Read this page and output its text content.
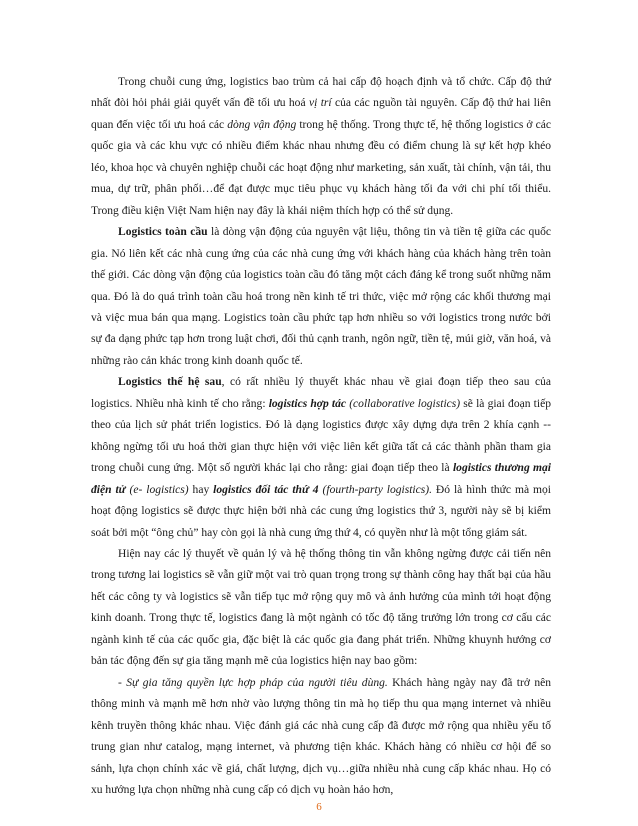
Trong chuỗi cung ứng, logistics bao trùm cả hai cấp độ hoạch định và tổ chức. Cấp độ thứ nhất đòi hỏi phải giải quyết vấn đề tối ưu hoá vị trí của các nguồn tài nguyên. Cấp độ thứ hai liên quan đến việc tối ưu hoá các dòng vận động trong hệ thống. Trong thực tế, hệ thống logistics ở các quốc gia và các khu vực có nhiều điểm khác nhau nhưng đều có điểm chung là sự kết hợp khéo léo, khoa học và chuyên nghiệp chuỗi các hoạt động như marketing, sản xuất, tài chính, vận tải, thu mua, dự trữ, phân phối…để đạt được mục tiêu phục vụ khách hàng tối đa với chi phí tối thiểu. Trong điều kiện Việt Nam hiện nay đây là khái niệm thích hợp có thể sử dụng.

Logistics toàn cầu là dòng vận động của nguyên vật liệu, thông tin và tiền tệ giữa các quốc gia. Nó liên kết các nhà cung ứng của các nhà cung ứng với khách hàng của khách hàng trên toàn thế giới. Các dòng vận động của logistics toàn cầu đó tăng một cách đáng kể trong suốt những năm qua. Đó là do quá trình toàn cầu hoá trong nền kinh tế tri thức, việc mở rộng các khối thương mại và việc mua bán qua mạng. Logistics toàn cầu phức tạp hơn nhiều so với logistics trong nước bởi sự đa dạng phức tạp hơn trong luật chơi, đối thủ cạnh tranh, ngôn ngữ, tiền tệ, múi giờ, văn hoá, và những rào cản khác trong kinh doanh quốc tế.

Logistics thế hệ sau, có rất nhiều lý thuyết khác nhau về giai đoạn tiếp theo sau của logistics. Nhiều nhà kinh tế cho rằng: logistics hợp tác (collaborative logistics) sẽ là giai đoạn tiếp theo của lịch sử phát triển logistics. Đó là dạng logistics được xây dựng dựa trên 2 khía cạnh -- không ngừng tối ưu hoá thời gian thực hiện với việc liên kết giữa tất cả các thành phần tham gia trong chuỗi cung ứng. Một số người khác lại cho rằng: giai đoạn tiếp theo là logistics thương mại điện tử (e- logistics) hay logistics đối tác thứ 4 (fourth-party logistics). Đó là hình thức mà mọi hoạt động logistics sẽ được thực hiện bởi nhà các cung ứng logistics thứ 3, người này sẽ bị kiểm soát bởi một “ông chủ” hay còn gọi là nhà cung ứng thứ 4, có quyền như là một tổng giám sát.

Hiện nay các lý thuyết về quản lý và hệ thống thông tin vẫn không ngừng được cải tiến nên trong tương lai logistics sẽ vẫn giữ một vai trò quan trọng trong sự thành công hay thất bại của hầu hết các công ty và logistics sẽ vẫn tiếp tục mở rộng quy mô và ảnh hưởng của mình tới hoạt động kinh doanh. Trong thực tế, logistics đang là một ngành có tốc độ tăng trưởng lớn trong cơ cấu các ngành kinh tế của các quốc gia, đặc biệt là các quốc gia đang phát triển. Những khuynh hướng cơ bản tác động đến sự gia tăng mạnh mẽ của logistics hiện nay bao gồm:

- Sự gia tăng quyền lực hợp pháp của người tiêu dùng. Khách hàng ngày nay đã trở nên thông minh và mạnh mẽ hơn nhờ vào lượng thông tin mà họ tiếp thu qua mạng internet và nhiều kênh truyền thông khác nhau. Việc đánh giá các nhà cung cấp đã được mở rộng qua nhiều yếu tố trung gian như catalog, mạng internet, và phương tiện khác. Khách hàng có nhiều cơ hội để so sánh, lựa chọn chính xác về giá, chất lượng, dịch vụ…giữa nhiều nhà cung cấp khác nhau. Họ có xu hướng lựa chọn những nhà cung cấp có dịch vụ hoàn hảo hơn,

6
